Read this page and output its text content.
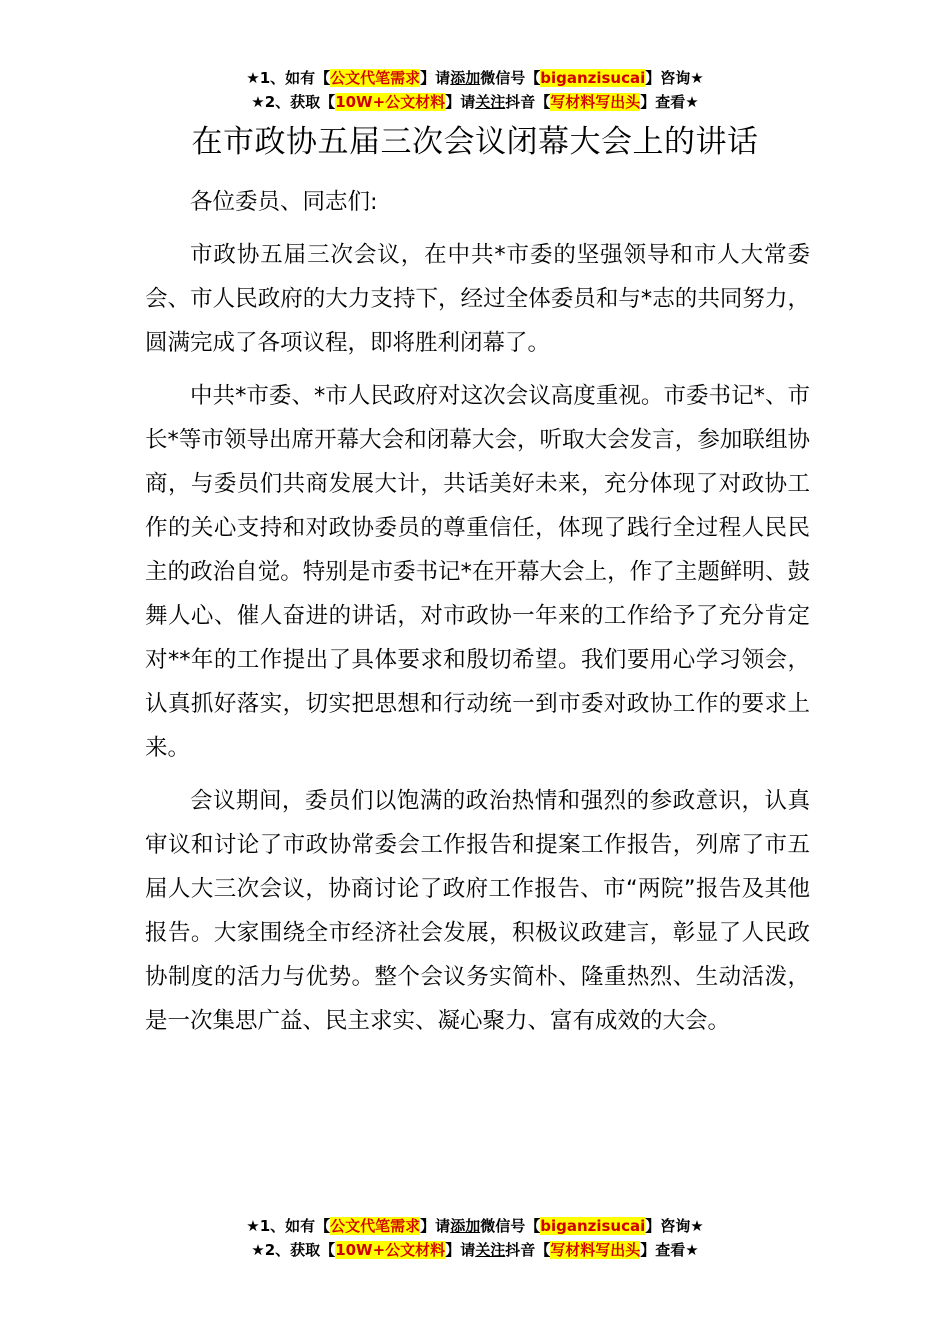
★1、如有【公文代笔需求】请添加微信号【biganzisucai】咨询★
★2、获取【10W+公文材料】请关注抖音【写材料写出头】查看★
在市政协五届三次会议闭幕大会上的讲话

各位委员、同志们:

市政协五届三次会议，在中共*市委的坚强领导和市人大常委会、市人民政府的大力支持下，经过全体委员和与*志的共同努力，圆满完成了各项议程，即将胜利闭幕了。

中共*市委、*市人民政府对这次会议高度重视。市委书记*、市长*等市领导出席开幕大会和闭幕大会，听取大会发言，参加联组协商，与委员们共商发展大计，共话美好未来，充分体现了对政协工作的关心支持和对政协委员的尊重信任，体现了践行全过程人民民主的政治自觉。特别是市委书记*在开幕大会上，作了主题鲜明、鼓舞人心、催人奋进的讲话，对市政协一年来的工作给予了充分肯定对**年的工作提出了具体要求和殷切希望。我们要用心学习领会，认真抓好落实，切实把思想和行动统一到市委对政协工作的要求上来。

会议期间，委员们以饱满的政治热情和强烈的参政意识，认真审议和讨论了市政协常委会工作报告和提案工作报告，列席了市五届人大三次会议，协商讨论了政府工作报告、市“两院”报告及其他报告。大家围绕全市经济社会发展，积极议政建言，彰显了人民政协制度的活力与优势。整个会议务实简朴、隆重热烈、生动活泼，是一次集思广益、民主求实、凝心聚力、富有成效的大会。

★1、如有【公文代笔需求】请添加微信号【biganzisucai】咨询★
★2、获取【10W+公文材料】请关注抖音【写材料写出头】查看★
